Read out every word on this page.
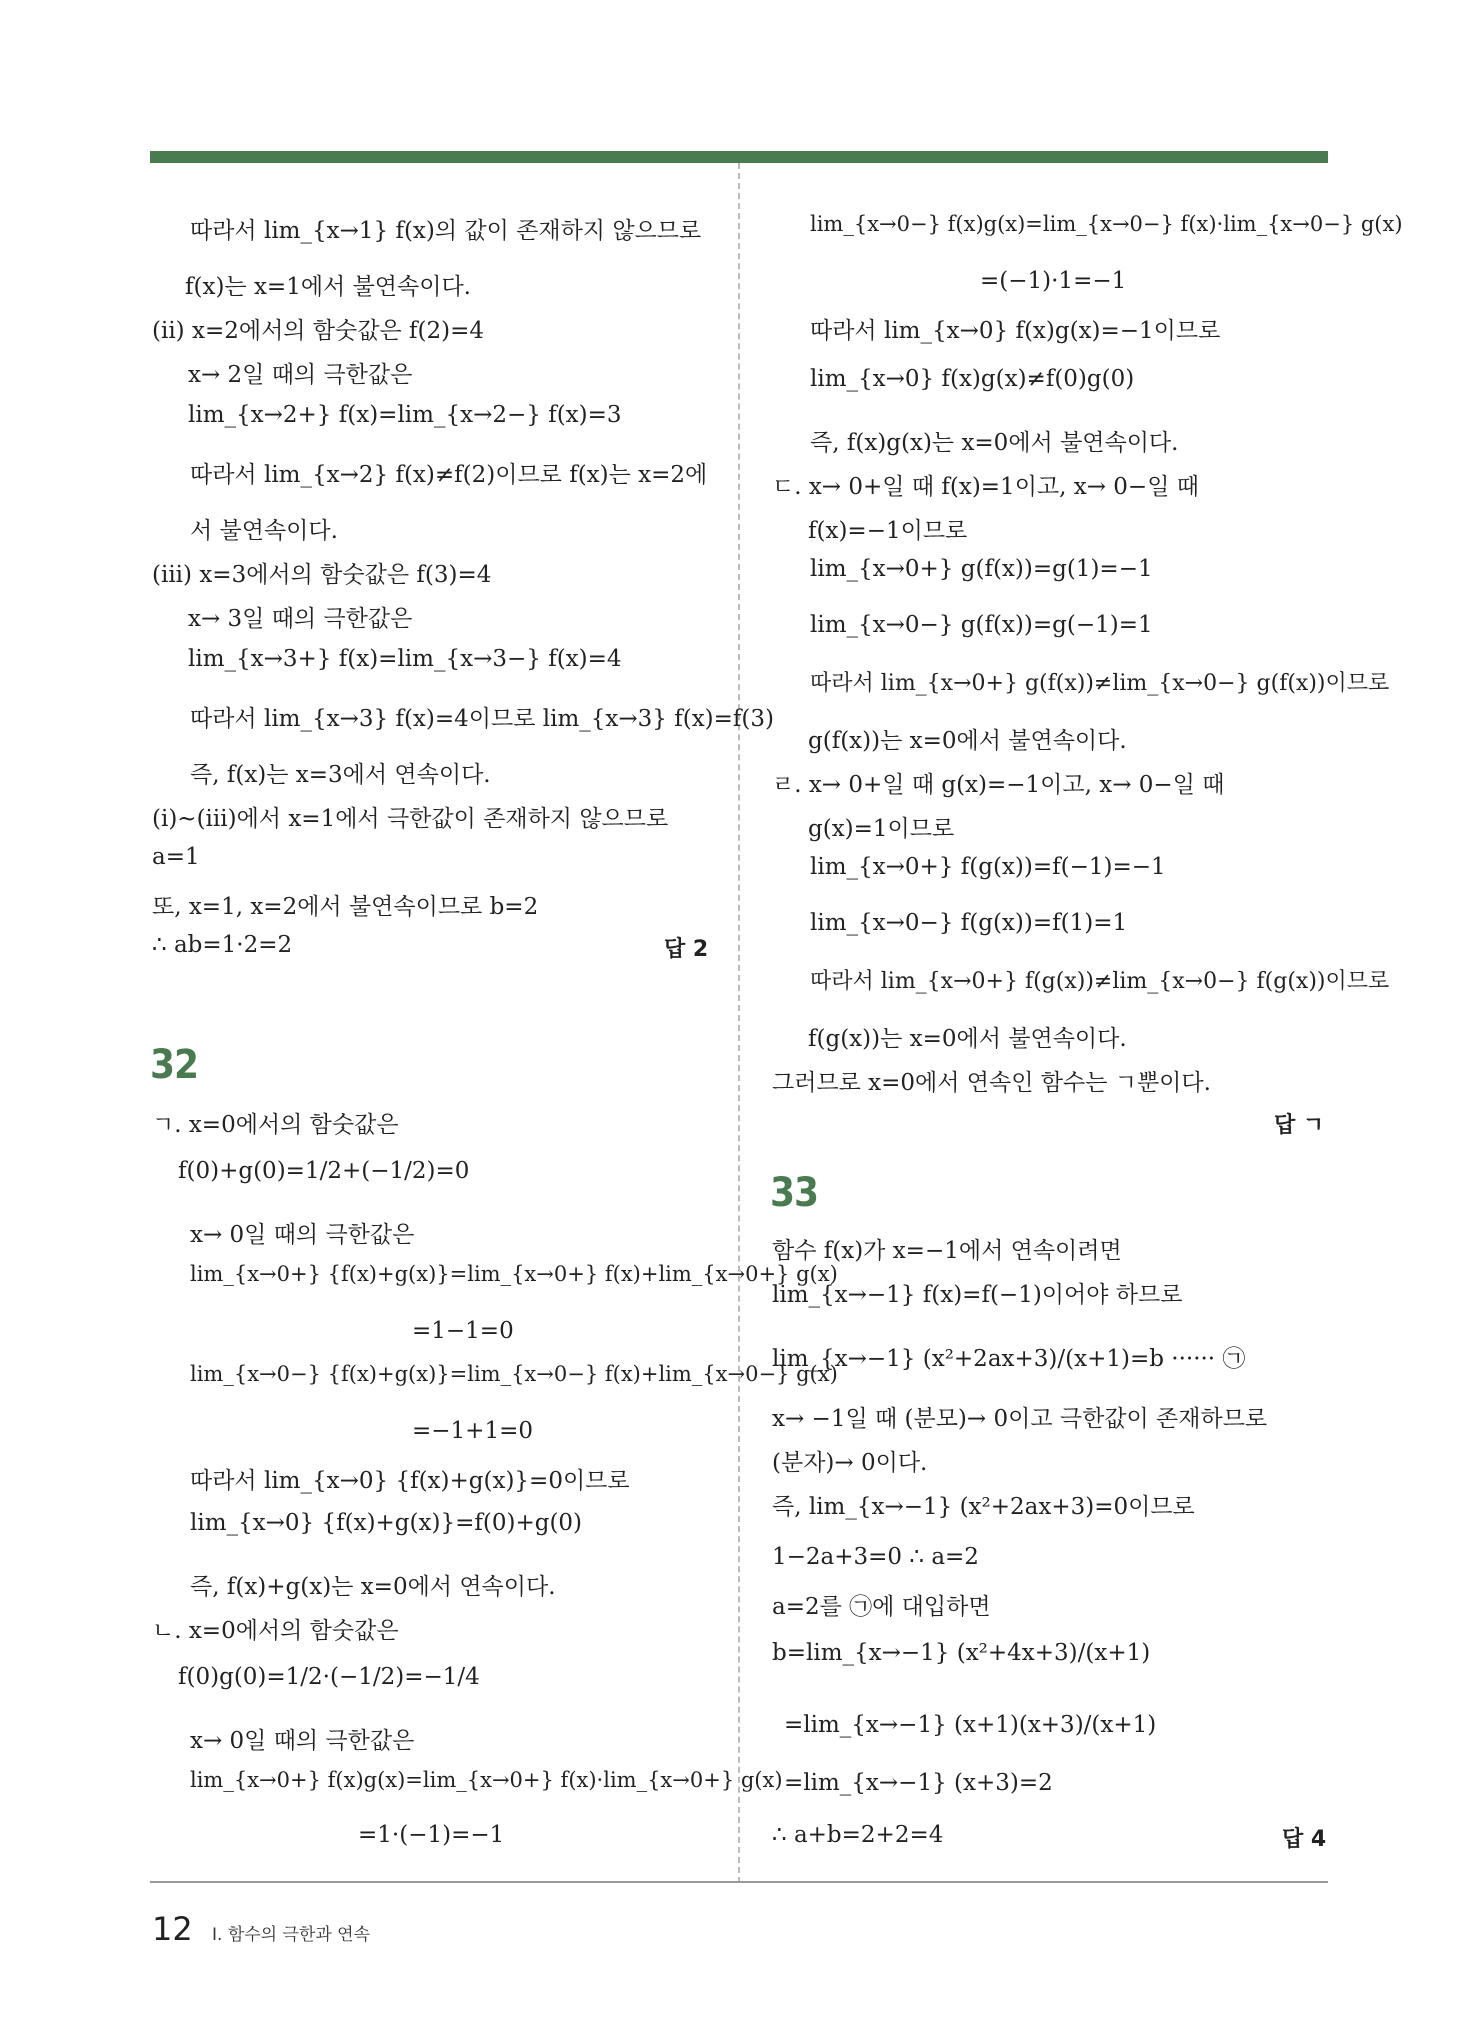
따라서 lim_{x→1} f(x)의 값이 존재하지 않으므로
f(x)는 x=1에서 불연속이다.
(ii) x=2에서의 함숫값은 f(2)=4
x→ 2일 때의 극한값은
lim_{x→2+} f(x)=lim_{x→2−} f(x)=3
따라서 lim_{x→2} f(x)≠f(2)이므로 f(x)는 x=2에
서 불연속이다.
(iii) x=3에서의 함숫값은 f(3)=4
x→ 3일 때의 극한값은
lim_{x→3+} f(x)=lim_{x→3−} f(x)=4
따라서 lim_{x→3} f(x)=4이므로 lim_{x→3} f(x)=f(3)
즉, f(x)는 x=3에서 연속이다.
(i)~(iii)에서 x=1에서 극한값이 존재하지 않으므로
a=1
또, x=1, x=2에서 불연속이므로 b=2
∴ ab=1·2=2	답 2
32
ㄱ. x=0에서의 함숫값은
f(0)+g(0)=1/2+(−1/2)=0
x→ 0일 때의 극한값은
lim_{x→0+} {f(x)+g(x)}=lim_{x→0+} f(x)+lim_{x→0+} g(x)
=1−1=0
lim_{x→0−} {f(x)+g(x)}=lim_{x→0−} f(x)+lim_{x→0−} g(x)
=−1+1=0
따라서 lim_{x→0} {f(x)+g(x)}=0이므로
lim_{x→0} {f(x)+g(x)}=f(0)+g(0)
즉, f(x)+g(x)는 x=0에서 연속이다.
ㄴ. x=0에서의 함숫값은
f(0)g(0)=1/2·(−1/2)=−1/4
x→ 0일 때의 극한값은
lim_{x→0+} f(x)g(x)=lim_{x→0+} f(x)·lim_{x→0+} g(x)
=1·(−1)=−1
lim_{x→0−} f(x)g(x)=lim_{x→0−} f(x)·lim_{x→0−} g(x)
=(−1)·1=−1
따라서 lim_{x→0} f(x)g(x)=−1이므로
lim_{x→0} f(x)g(x)≠f(0)g(0)
즉, f(x)g(x)는 x=0에서 불연속이다.
ㄷ. x→ 0+일 때 f(x)=1이고, x→ 0−일 때
f(x)=−1이므로
lim_{x→0+} g(f(x))=g(1)=−1
lim_{x→0−} g(f(x))=g(−1)=1
따라서 lim_{x→0+} g(f(x))≠lim_{x→0−} g(f(x))이므로
g(f(x))는 x=0에서 불연속이다.
ㄹ. x→ 0+일 때 g(x)=−1이고, x→ 0−일 때
g(x)=1이므로
lim_{x→0+} f(g(x))=f(−1)=−1
lim_{x→0−} f(g(x))=f(1)=1
따라서 lim_{x→0+} f(g(x))≠lim_{x→0−} f(g(x))이므로
f(g(x))는 x=0에서 불연속이다.
그러므로 x=0에서 연속인 함수는 ㄱ뿐이다.
답 ㄱ
33
함수 f(x)가 x=−1에서 연속이려면
lim_{x→−1} f(x)=f(−1)이어야 하므로
lim_{x→−1} (x²+2ax+3)/(x+1)=b ······ ㉠
x→ −1일 때 (분모)→ 0이고 극한값이 존재하므로
(분자)→ 0이다.
즉, lim_{x→−1} (x²+2ax+3)=0이므로
1−2a+3=0 ∴ a=2
a=2를 ㉠에 대입하면
b=lim_{x→−1} (x²+4x+3)/(x+1)
=lim_{x→−1} (x+1)(x+3)/(x+1)
=lim_{x→−1} (x+3)=2
∴ a+b=2+2=4	답 4
12 Ⅰ. 함수의 극한과 연속
